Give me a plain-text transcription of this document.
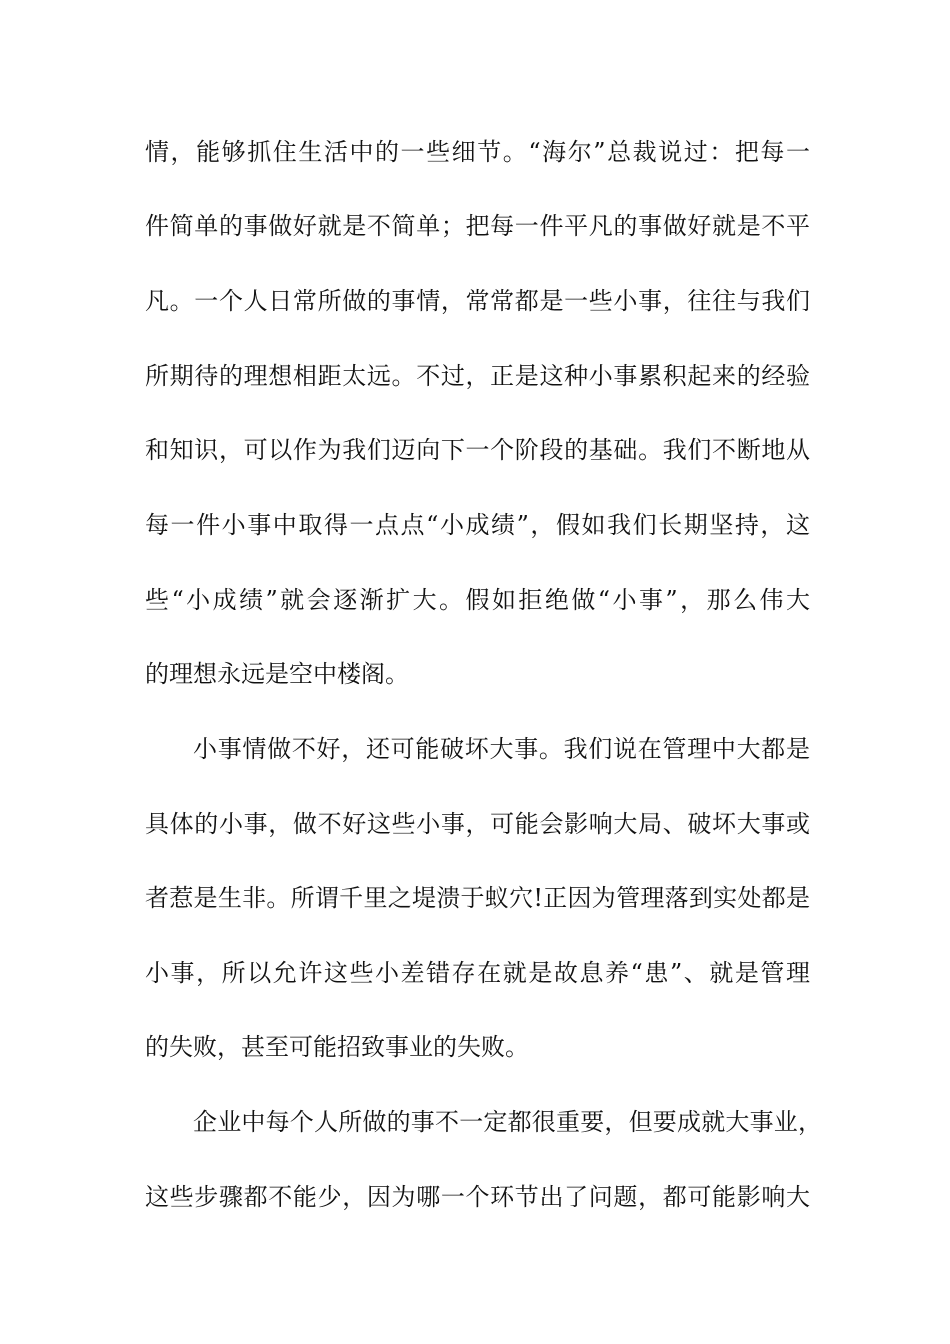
情，能够抓住生活中的一些细节。“海尔”总裁说过：把每一
件简单的事做好就是不简单；把每一件平凡的事做好就是不平
凡。一个人日常所做的事情，常常都是一些小事，往往与我们
所期待的理想相距太远。不过，正是这种小事累积起来的经验
和知识，可以作为我们迈向下一个阶段的基础。我们不断地从
每一件小事中取得一点点“小成绩”，假如我们长期坚持，这
些“小成绩”就会逐渐扩大。假如拒绝做“小事”，那么伟大
的理想永远是空中楼阁。
小事情做不好，还可能破坏大事。我们说在管理中大都是
具体的小事，做不好这些小事，可能会影响大局、破坏大事或
者惹是生非。所谓千里之堤溃于蚁穴!正因为管理落到实处都是
小事，所以允许这些小差错存在就是故息养“患”、就是管理
的失败，甚至可能招致事业的失败。
企业中每个人所做的事不一定都很重要，但要成就大事业，
这些步骤都不能少，因为哪一个环节出了问题，都可能影响大
